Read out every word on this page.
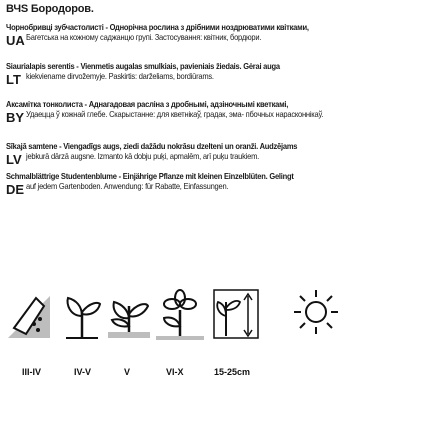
ВЧS Бородоров.
Чорнобривці зубчастолисті - Однорічна рослина з дрібними ноздрюватими квітками,
UA Багетська на кожному саджанцю групі. Застосування: квітник, бордюри.
Siaurialapis serentis - Vienmetis augalas smulkiais, pavieniais žiedais. Gėrai auga
LT kiekviename dirvožemyje. Paskirtis: darželiams, bordiūrams.
Аксамітка тонколиста - Аднагадовая расліна з дробнымі, адзіночнымі кветкамі,
BY Удаецца ў кожнай глебе. Скарыстанне: для кветнікаў, градак, эма- пбочных нарасконнікаў.
Sīkajā samtene - Viengadīgs augs, ziedi dažādu nokrāsu dzelteni un oranži. Audzējams
LV jebkurā dārzā augsne. Izmanto kā dobju puķi, apmalēm, arī puķu traukiem.
Schmalblättrige Studentenblume - Einjährige Pflanze mit kleinen Einzelblüten. Gelingt
DE auf jedem Gartenboden. Anwendung: für Rabatte, Einfassungen.
III-IV	IV-V	V	VI-X	15-25cm
